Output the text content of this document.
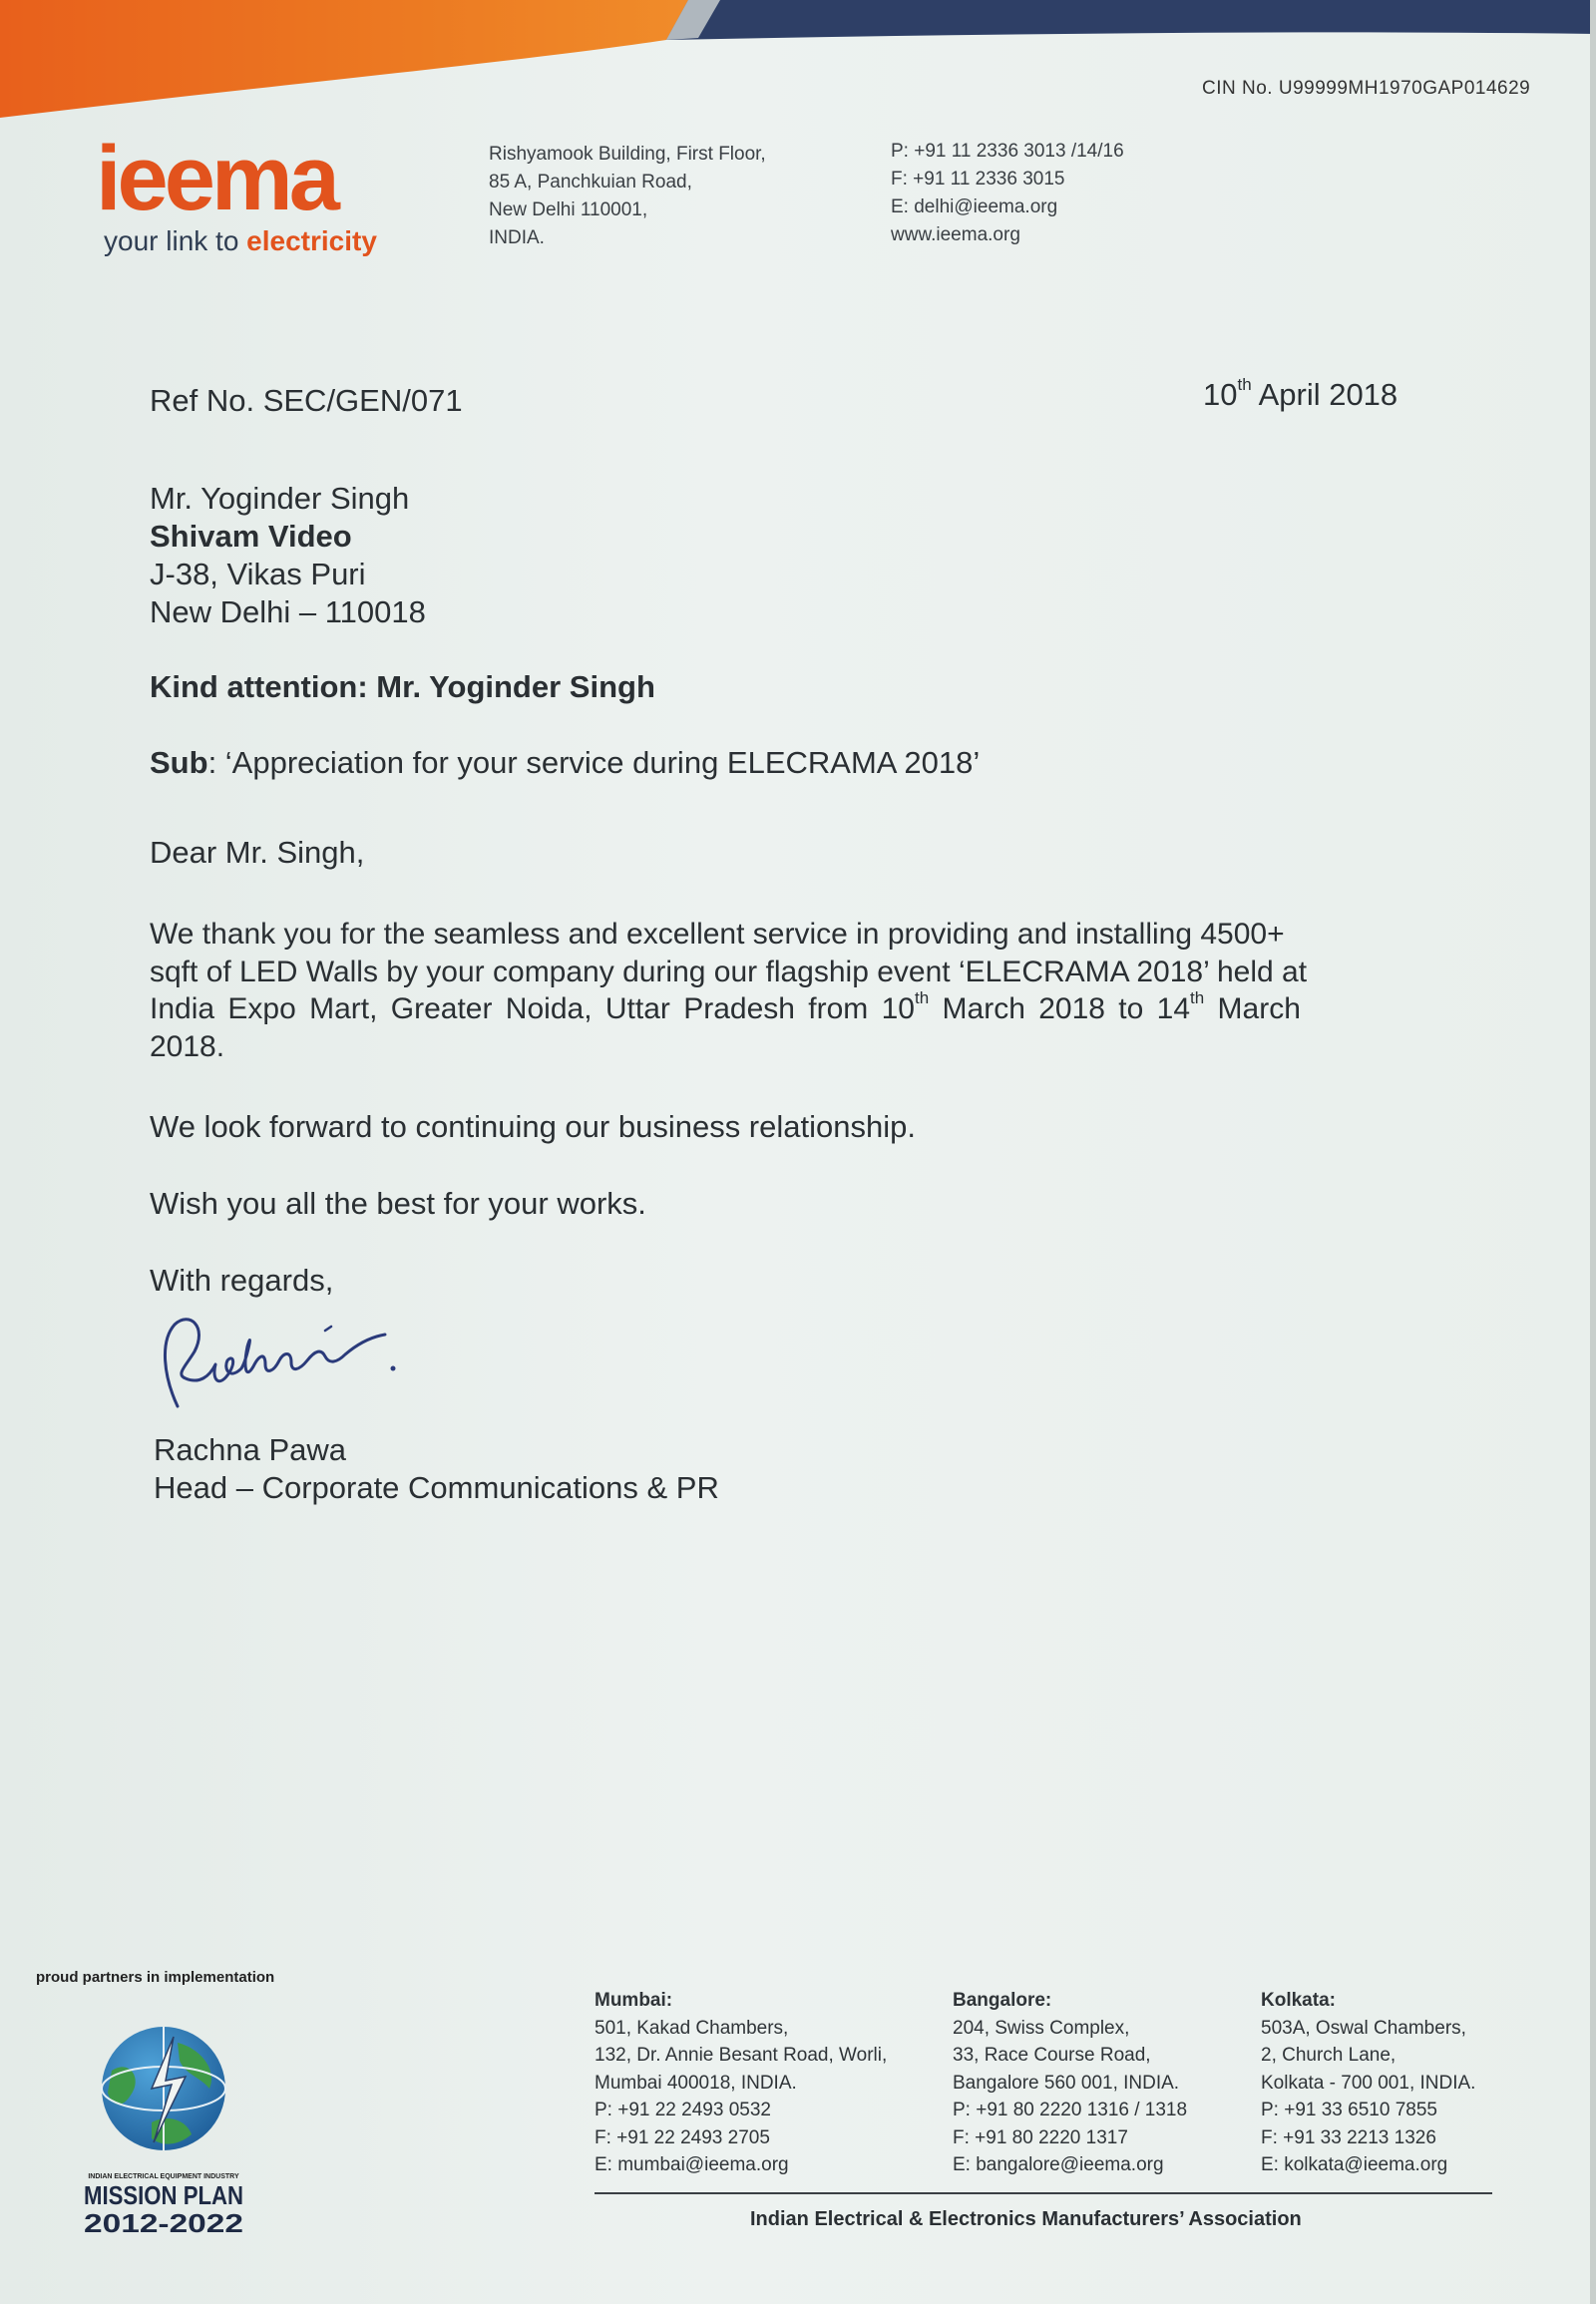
CIN No. U99999MH1970GAP014629
ieema
your link to electricity
Rishyamook Building, First Floor,
85 A, Panchkuian Road,
New Delhi 110001,
INDIA.
P: +91 11 2336 3013 /14/16
F: +91 11 2336 3015
E: delhi@ieema.org
www.ieema.org
Ref No. SEC/GEN/071	10th April 2018
Mr. Yoginder Singh
Shivam Video
J-38, Vikas Puri
New Delhi – 110018
Kind attention: Mr. Yoginder Singh
Sub: ‘Appreciation for your service during ELECRAMA 2018’
Dear Mr. Singh,
We thank you for the seamless and excellent service in providing and installing 4500+
sqft of LED Walls by your company during our flagship event ‘ELECRAMA 2018’ held at
India Expo Mart, Greater Noida, Uttar Pradesh from 10th March 2018 to 14th March
2018.
We look forward to continuing our business relationship.
Wish you all the best for your works.
With regards,
Rachna Pawa
Head – Corporate Communications & PR
proud partners in implementation
INDIAN ELECTRICAL EQUIPMENT INDUSTRY
MISSION PLAN
2012-2022
Mumbai:
501, Kakad Chambers,
132, Dr. Annie Besant Road, Worli,
Mumbai 400018, INDIA.
P: +91 22 2493 0532
F: +91 22 2493 2705
E: mumbai@ieema.org
Bangalore:
204, Swiss Complex,
33, Race Course Road,
Bangalore 560 001, INDIA.
P: +91 80 2220 1316 / 1318
F: +91 80 2220 1317
E: bangalore@ieema.org
Kolkata:
503A, Oswal Chambers,
2, Church Lane,
Kolkata - 700 001, INDIA.
P: +91 33 6510 7855
F: +91 33 2213 1326
E: kolkata@ieema.org
Indian Electrical & Electronics Manufacturers’ Association
